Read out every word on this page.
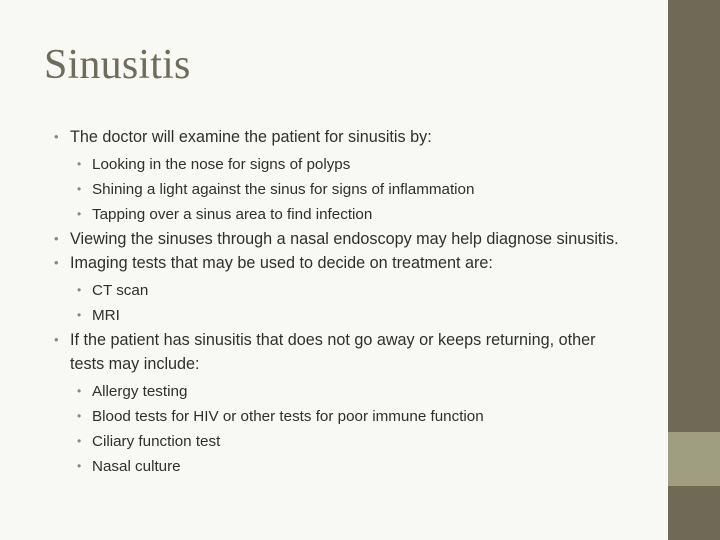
Sinusitis
• The doctor will examine the patient for sinusitis by:
• Looking in the nose for signs of polyps
• Shining a light against the sinus for signs of inflammation
• Tapping over a sinus area to find infection
• Viewing the sinuses through a nasal endoscopy may help diagnose sinusitis.
• Imaging tests that may be used to decide on treatment are:
• CT scan
• MRI
• If the patient has sinusitis that does not go away or keeps returning, other tests may include:
• Allergy testing
• Blood tests for HIV or other tests for poor immune function
• Ciliary function test
• Nasal culture
